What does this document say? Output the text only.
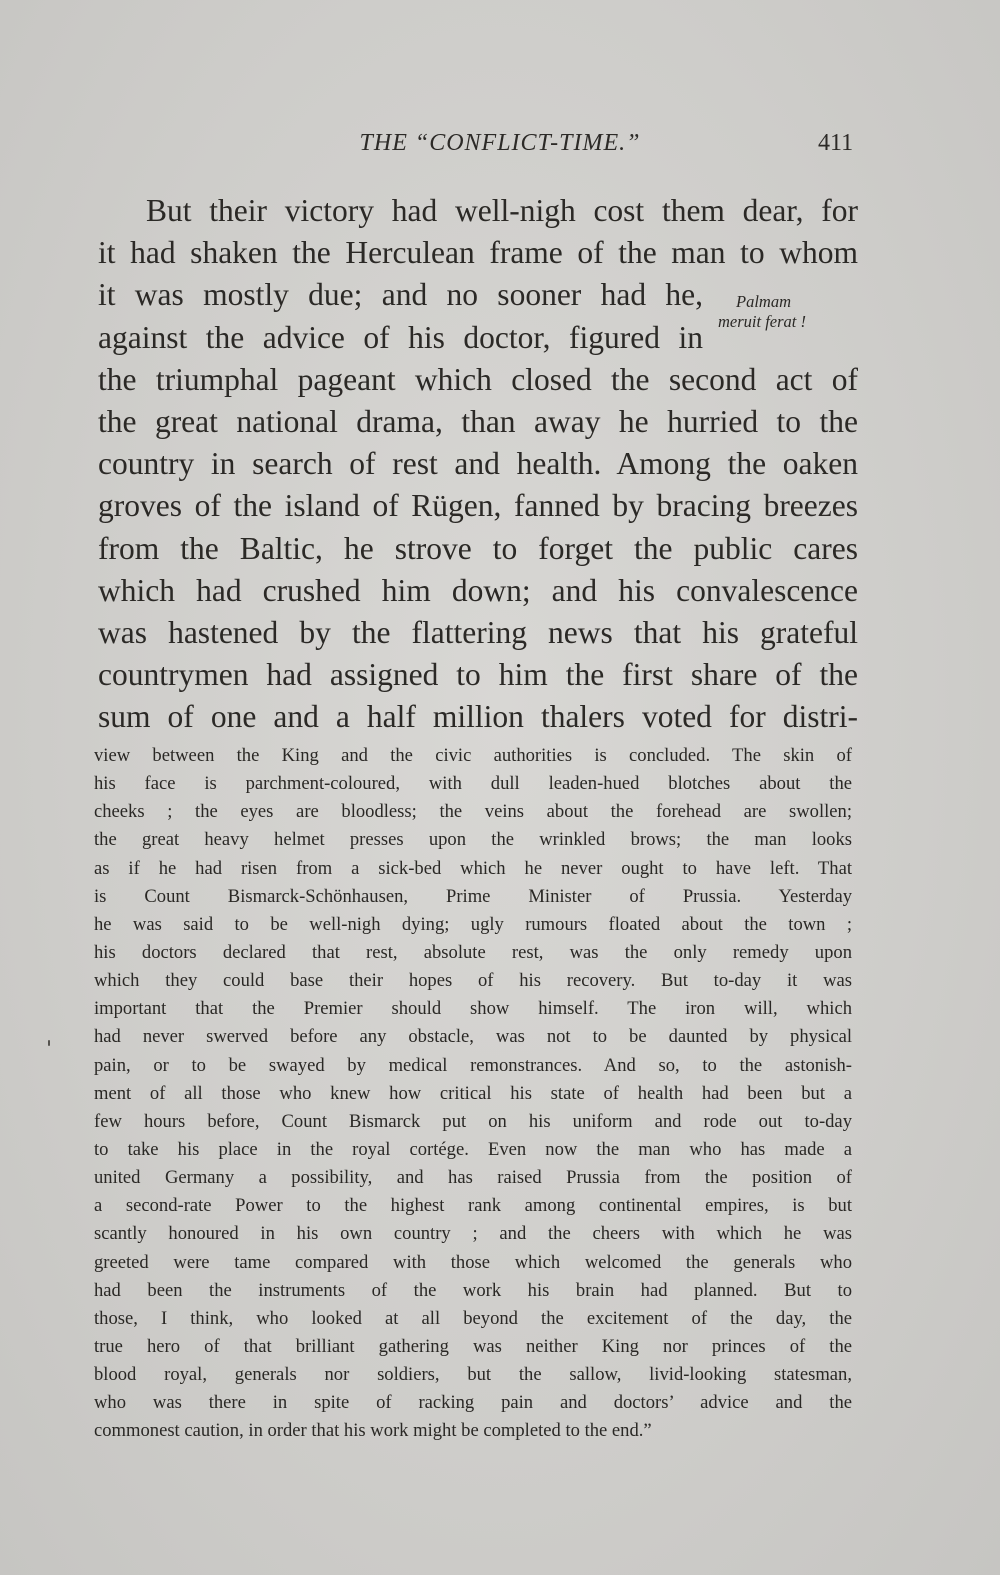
THE “CONFLICT-TIME.”	411
But their victory had well-nigh cost them dear, for
it had shaken the Herculean frame of the man to whom
it was mostly due; and no sooner had he,
against the advice of his doctor, figured in
the triumphal pageant which closed the second act of
the great national drama, than away he hurried to the
country in search of rest and health. Among the oaken
groves of the island of Rügen, fanned by bracing breezes
from the Baltic, he strove to forget the public cares
which had crushed him down; and his convalescence
was hastened by the flattering news that his grateful
countrymen had assigned to him the first share of the
sum of one and a half million thalers voted for distri-
Palmam
meruit ferat !
view between the King and the civic authorities is concluded. The skin of
his face is parchment-coloured, with dull leaden-hued blotches about the
cheeks ; the eyes are bloodless; the veins about the forehead are swollen;
the great heavy helmet presses upon the wrinkled brows; the man looks
as if he had risen from a sick-bed which he never ought to have left. That
is Count Bismarck-Schönhausen, Prime Minister of Prussia. Yesterday
he was said to be well-nigh dying; ugly rumours floated about the town ;
his doctors declared that rest, absolute rest, was the only remedy upon
which they could base their hopes of his recovery. But to-day it was
important that the Premier should show himself. The iron will, which
had never swerved before any obstacle, was not to be daunted by physical
pain, or to be swayed by medical remonstrances. And so, to the astonish-
ment of all those who knew how critical his state of health had been but a
few hours before, Count Bismarck put on his uniform and rode out to-day
to take his place in the royal cortége. Even now the man who has made a
united Germany a possibility, and has raised Prussia from the position of
a second-rate Power to the highest rank among continental empires, is but
scantly honoured in his own country ; and the cheers with which he was
greeted were tame compared with those which welcomed the generals who
had been the instruments of the work his brain had planned. But to
those, I think, who looked at all beyond the excitement of the day, the
true hero of that brilliant gathering was neither King nor princes of the
blood royal, generals nor soldiers, but the sallow, livid-looking statesman,
who was there in spite of racking pain and doctors’ advice and the
commonest caution, in order that his work might be completed to the end.”
